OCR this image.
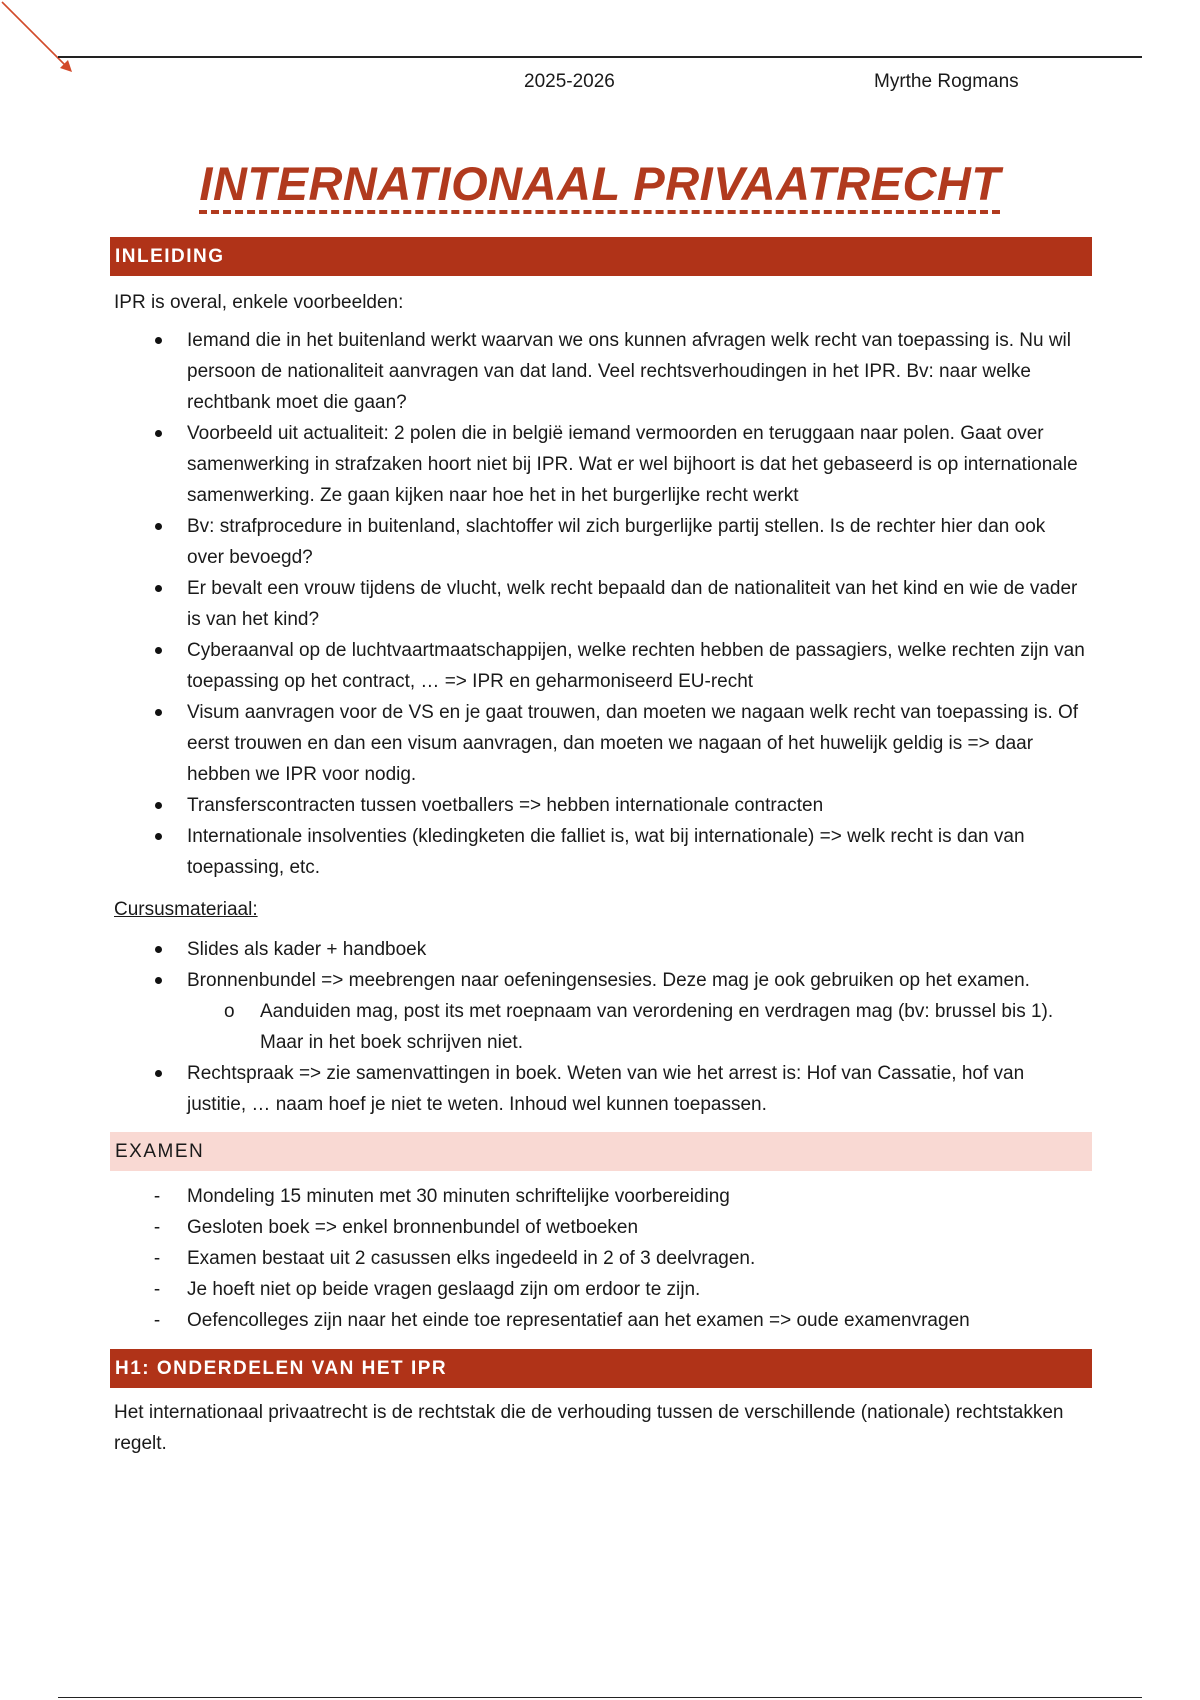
2025-2026	Myrthe Rogmans
INTERNATIONAAL PRIVAATRECHT
INLEIDING
IPR is overal, enkele voorbeelden:
Iemand die in het buitenland werkt waarvan we ons kunnen afvragen welk recht van toepassing is. Nu wil persoon de nationaliteit aanvragen van dat land. Veel rechtsverhoudingen in het IPR. Bv: naar welke rechtbank moet die gaan?
Voorbeeld uit actualiteit: 2 polen die in belgië iemand vermoorden en teruggaan naar polen. Gaat over samenwerking in strafzaken hoort niet bij IPR. Wat er wel bijhoort is dat het gebaseerd is op internationale samenwerking. Ze gaan kijken naar hoe het in het burgerlijke recht werkt
Bv: strafprocedure in buitenland, slachtoffer wil zich burgerlijke partij stellen. Is de rechter hier dan ook over bevoegd?
Er bevalt een vrouw tijdens de vlucht, welk recht bepaald dan de nationaliteit van het kind en wie de vader is van het kind?
Cyberaanval op de luchtvaartmaatschappijen, welke rechten hebben de passagiers, welke rechten zijn van toepassing op het contract, … => IPR en geharmoniseerd EU-recht
Visum aanvragen voor de VS en je gaat trouwen, dan moeten we nagaan welk recht van toepassing is. Of eerst trouwen en dan een visum aanvragen, dan moeten we nagaan of het huwelijk geldig is => daar hebben we IPR voor nodig.
Transferscontracten tussen voetballers => hebben internationale contracten
Internationale insolventies (kledingketen die falliet is, wat bij internationale) => welk recht is dan van toepassing, etc.
Cursusmateriaal:
Slides als kader + handboek
Bronnenbundel => meebrengen naar oefeningensesies. Deze mag je ook gebruiken op het examen.
o Aanduiden mag, post its met roepnaam van verordening en verdragen mag (bv: brussel bis 1). Maar in het boek schrijven niet.
Rechtspraak => zie samenvattingen in boek. Weten van wie het arrest is: Hof van Cassatie, hof van justitie, … naam hoef je niet te weten. Inhoud wel kunnen toepassen.
EXAMEN
- Mondeling 15 minuten met 30 minuten schriftelijke voorbereiding
- Gesloten boek => enkel bronnenbundel of wetboeken
- Examen bestaat uit 2 casussen elks ingedeeld in 2 of 3 deelvragen.
- Je hoeft niet op beide vragen geslaagd zijn om erdoor te zijn.
- Oefencolleges zijn naar het einde toe representatief aan het examen => oude examenvragen
H1: ONDERDELEN VAN HET IPR
Het internationaal privaatrecht is de rechtstak die de verhouding tussen de verschillende (nationale) rechtstakken regelt.
